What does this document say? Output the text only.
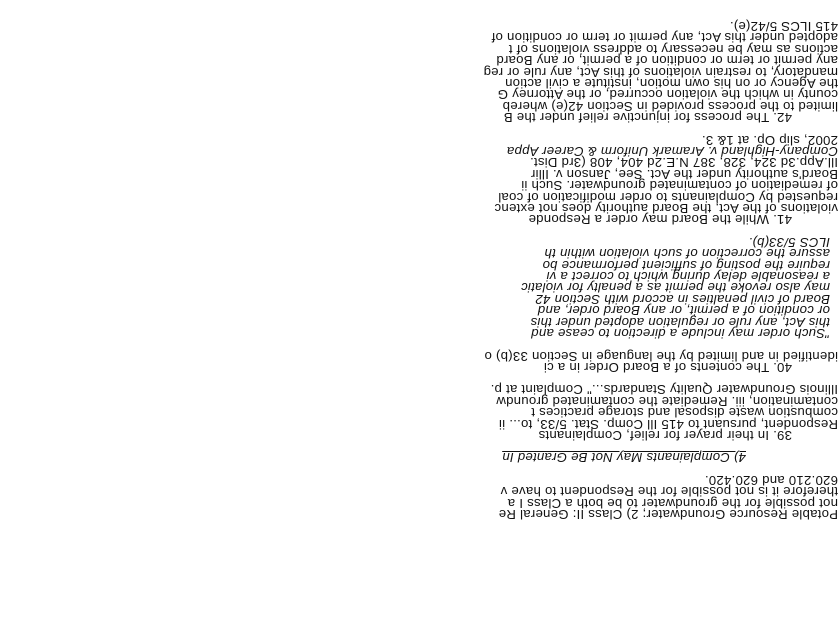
Potable Resource Groundwater; 2) Class II: General Re

not possible for the groundwater to be both a Class I a

therefore it is not possible for the Respondent to have v

620.210 and 620.420.

4) Complainants May Not Be Granted In

39. In their prayer for relief, Complainants

Respondent, pursuant to 415 Ill Comp. Stat. 5/33, to... ii

combustion waste disposal and storage practices t

contamination, iii. Remediate the contaminated groundw

Illinois Groundwater Quality Standards..." Complaint at p.

40. The contents of a Board Order in a ci

identified in and limited by the language in Section 33(b) o

"Such order may include a direction to cease and

this Act, any rule or regulation adopted under this

or condition of a permit, or any Board order, and

Board of civil penalties in accord with Section 42

may also revoke the permit as a penalty for violatic

a reasonable delay during which to correct a vi

require the posting of sufficient performance bo

assure the correction of such violation within th

ILCS 5/33(b).

41. While the Board may order a Responde

violations of the Act, the Board authority does not extenc

requested by Complainants to order modification of coal

of remediation of contaminated groundwater. Such ii

Board's authority under the Act. See, Janson v. Illir

Ill.App.3d 324, 328, 387 N.E.2d 404, 408 (3rd Dist.

Company-Highland v. Aramark Uniform & Career Appa

2002, slip Op. at 1& 3.

42. The process for injunctive relief under the B

limited to the process provided in Section 42(e) whereb

county in which the violation occurred, or the Attorney G

the Agency or on his own motion, institute a civil action

mandatory, to restrain violations of this Act, any rule or reg

any permit or term or condition of a permit, or any Board

actions as may be necessary to address violations of t

adopted under this Act, any permit or term or condition of

415 ILCS 5/42(e).
